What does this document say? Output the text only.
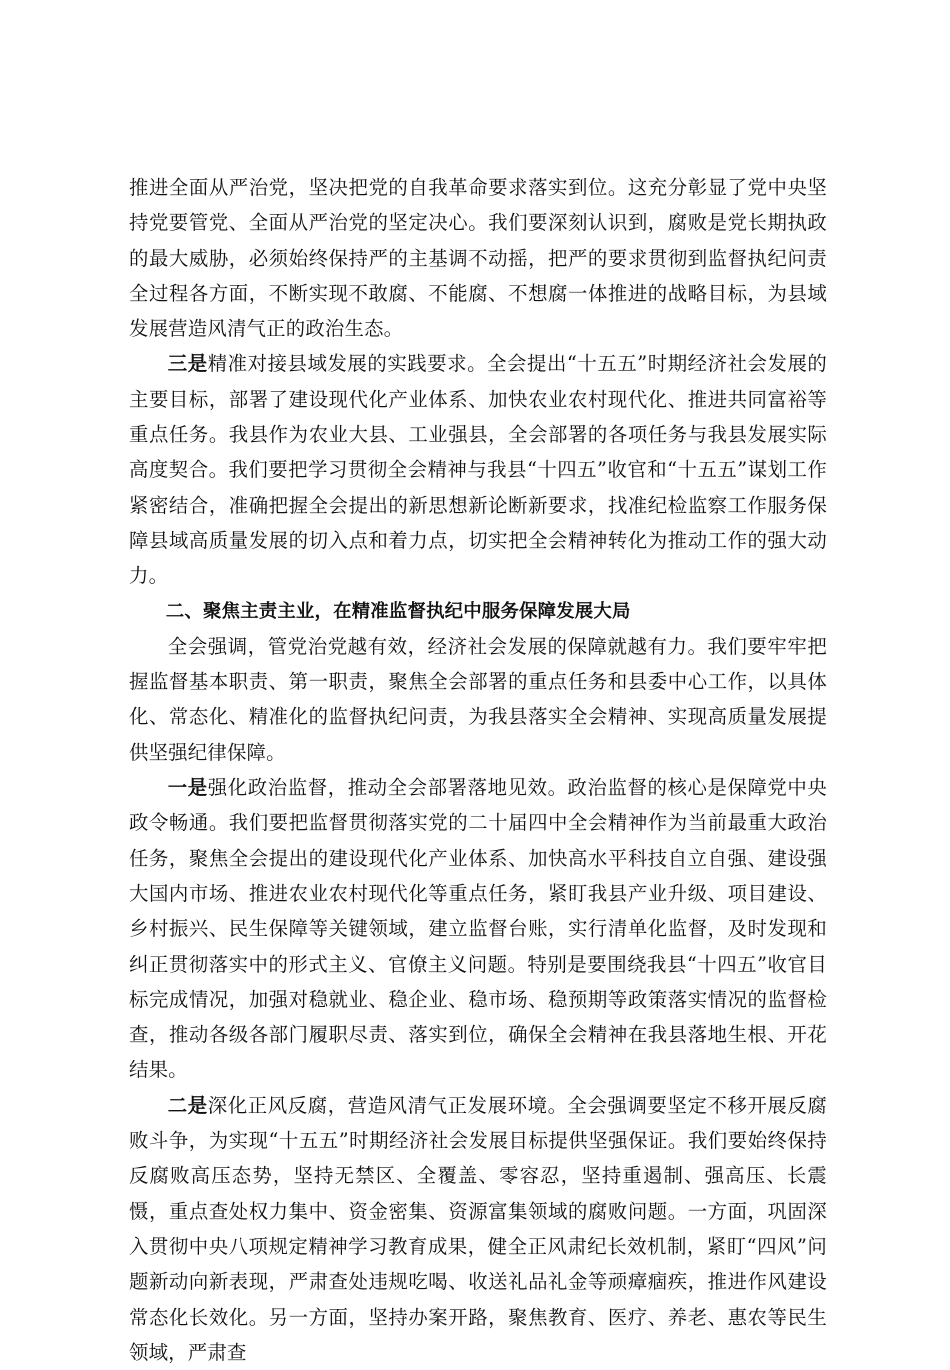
推进全面从严治党，坚决把党的自我革命要求落实到位。这充分彰显了党中央坚持党要管党、全面从严治党的坚定决心。我们要深刻认识到，腐败是党长期执政的最大威胁，必须始终保持严的主基调不动摇，把严的要求贯彻到监督执纪问责全过程各方面，不断实现不敢腐、不能腐、不想腐一体推进的战略目标，为县域发展营造风清气正的政治生态。

三是精准对接县域发展的实践要求。全会提出“十五五”时期经济社会发展的主要目标，部署了建设现代化产业体系、加快农业农村现代化、推进共同富裕等重点任务。我县作为农业大县、工业强县，全会部署的各项任务与我县发展实际高度契合。我们要把学习贯彻全会精神与我县“十四五”收官和“十五五”谋划工作紧密结合，准确把握全会提出的新思想新论断新要求，找准纪检监察工作服务保障县域高质量发展的切入点和着力点，切实把全会精神转化为推动工作的强大动力。

二、聚焦主责主业，在精准监督执纪中服务保障发展大局

全会强调，管党治党越有效，经济社会发展的保障就越有力。我们要牢牢把握监督基本职责、第一职责，聚焦全会部署的重点任务和县委中心工作，以具体化、常态化、精准化的监督执纪问责，为我县落实全会精神、实现高质量发展提供坚强纪律保障。

一是强化政治监督，推动全会部署落地见效。政治监督的核心是保障党中央政令畅通。我们要把监督贯彻落实党的二十届四中全会精神作为当前最重大政治任务，聚焦全会提出的建设现代化产业体系、加快高水平科技自立自强、建设强大国内市场、推进农业农村现代化等重点任务，紧盯我县产业升级、项目建设、乡村振兴、民生保障等关键领域，建立监督台账，实行清单化监督，及时发现和纠正贯彻落实中的形式主义、官僚主义问题。特别是要围绕我县“十四五”收官目标完成情况，加强对稳就业、稳企业、稳市场、稳预期等政策落实情况的监督检查，推动各级各部门履职尽责、落实到位，确保全会精神在我县落地生根、开花结果。

二是深化正风反腐，营造风清气正发展环境。全会强调要坚定不移开展反腐败斗争，为实现“十五五”时期经济社会发展目标提供坚强保证。我们要始终保持反腐败高压态势，坚持无禁区、全覆盖、零容忍，坚持重遏制、强高压、长震慑，重点查处权力集中、资金密集、资源富集领域的腐败问题。一方面，巩固深入贯彻中央八项规定精神学习教育成果，健全正风肃纪长效机制，紧盯“四风”问题新动向新表现，严肃查处违规吃喝、收送礼品礼金等顽瘴痼疾，推进作风建设常态化长效化。另一方面，坚持办案开路，聚焦教育、医疗、养老、惠农等民生领域，严肃查
